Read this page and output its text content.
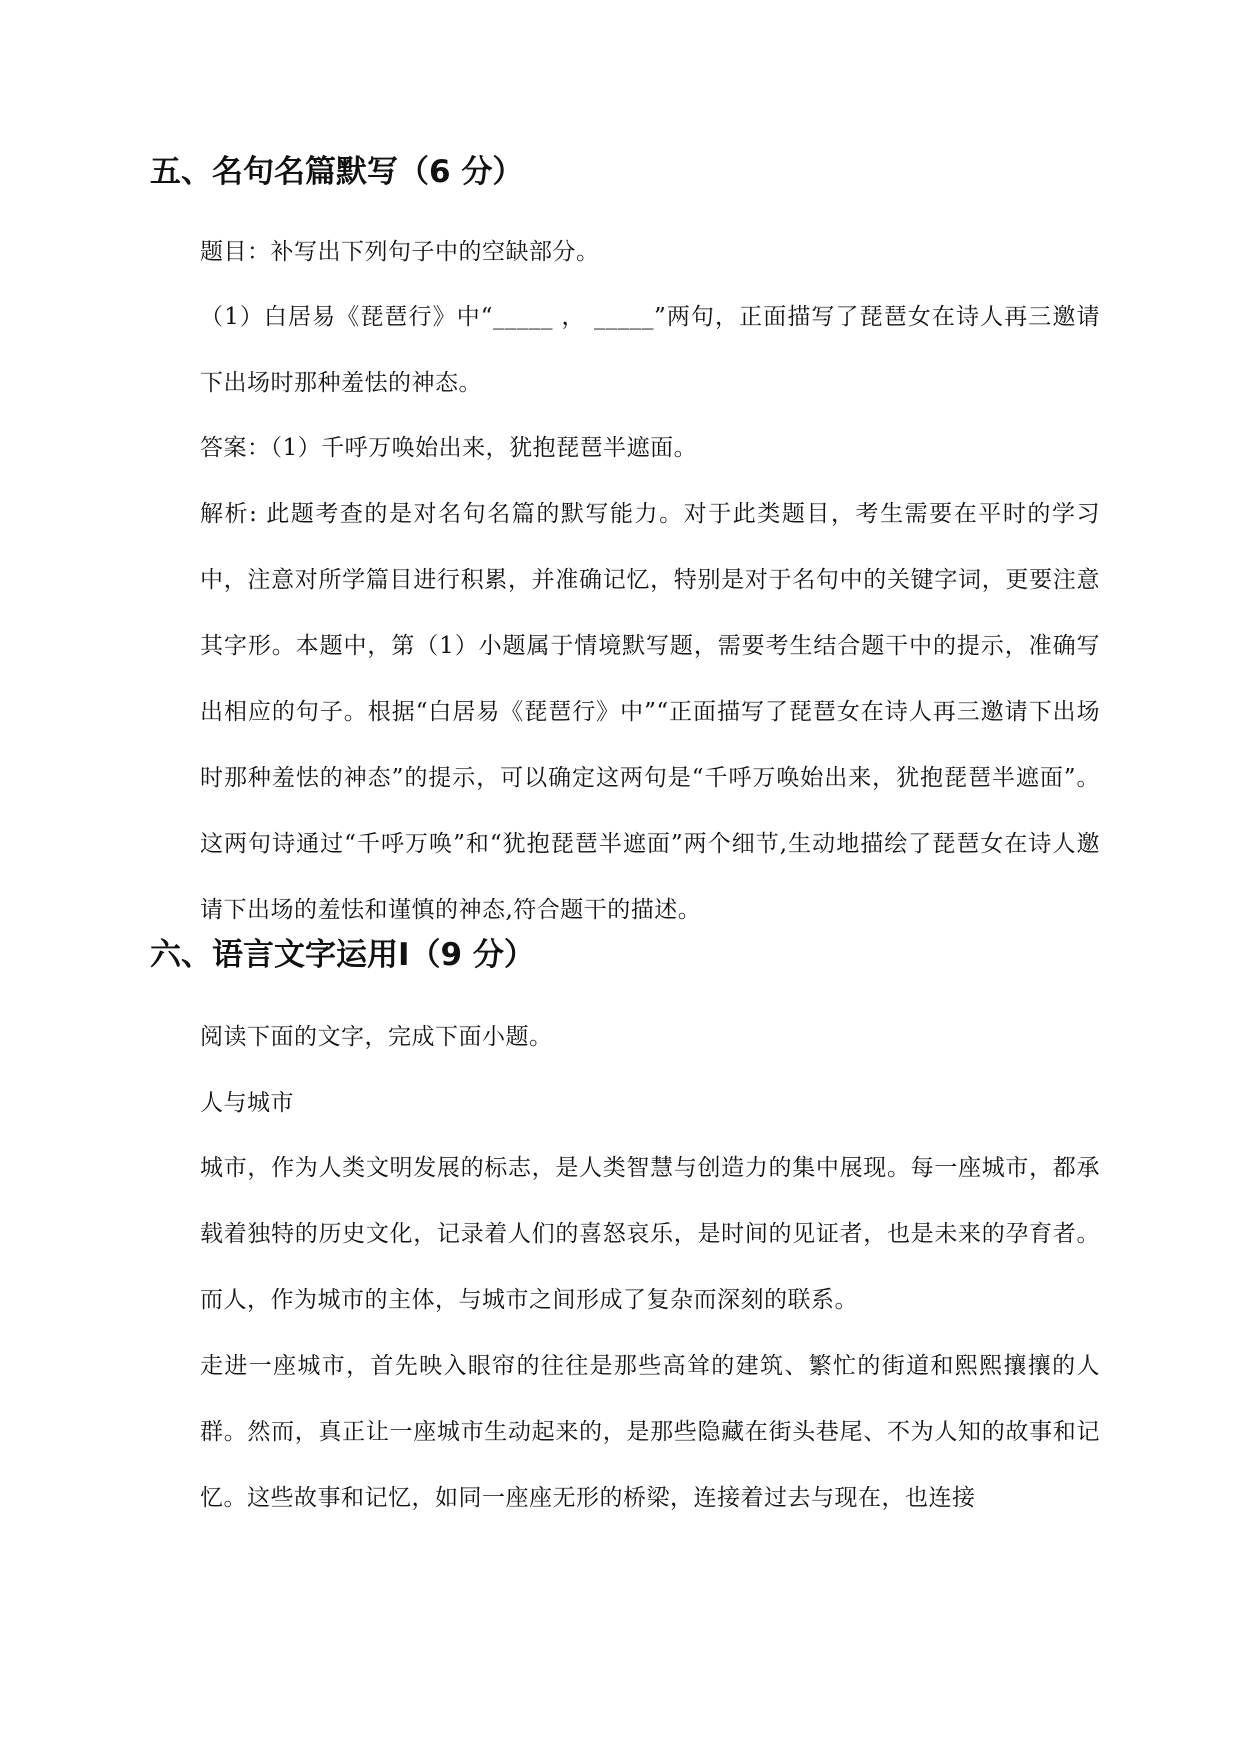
五、名句名篇默写（6 分）

题目：补写出下列句子中的空缺部分。

（1）白居易《琵琶行》中“_____ ， _____”两句，正面描写了琵琶女在诗人再三邀请下出场时那种羞怯的神态。

答案：（1）千呼万唤始出来，犹抱琵琶半遮面。

解析: 此题考查的是对名句名篇的默写能力。对于此类题目，考生需要在平时的学习中，注意对所学篇目进行积累，并准确记忆，特别是对于名句中的关键字词，更要注意其字形。本题中，第（1）小题属于情境默写题，需要考生结合题干中的提示，准确写出相应的句子。根据“白居易《琵琶行》中”“正面描写了琵琶女在诗人再三邀请下出场时那种羞怯的神态”的提示，可以确定这两句是“千呼万唤始出来，犹抱琵琶半遮面”。这两句诗通过“千呼万唤”和“犹抱琵琶半遮面”两个细节,生动地描绘了琵琶女在诗人邀请下出场的羞怯和谨慎的神态,符合题干的描述。

六、语言文字运用Ⅰ（9 分）

阅读下面的文字，完成下面小题。

人与城市

城市，作为人类文明发展的标志，是人类智慧与创造力的集中展现。每一座城市，都承载着独特的历史文化，记录着人们的喜怒哀乐，是时间的见证者，也是未来的孕育者。而人，作为城市的主体，与城市之间形成了复杂而深刻的联系。

走进一座城市，首先映入眼帘的往往是那些高耸的建筑、繁忙的街道和熙熙攘攘的人群。然而，真正让一座城市生动起来的，是那些隐藏在街头巷尾、不为人知的故事和记忆。这些故事和记忆，如同一座座无形的桥梁，连接着过去与现在，也连接
